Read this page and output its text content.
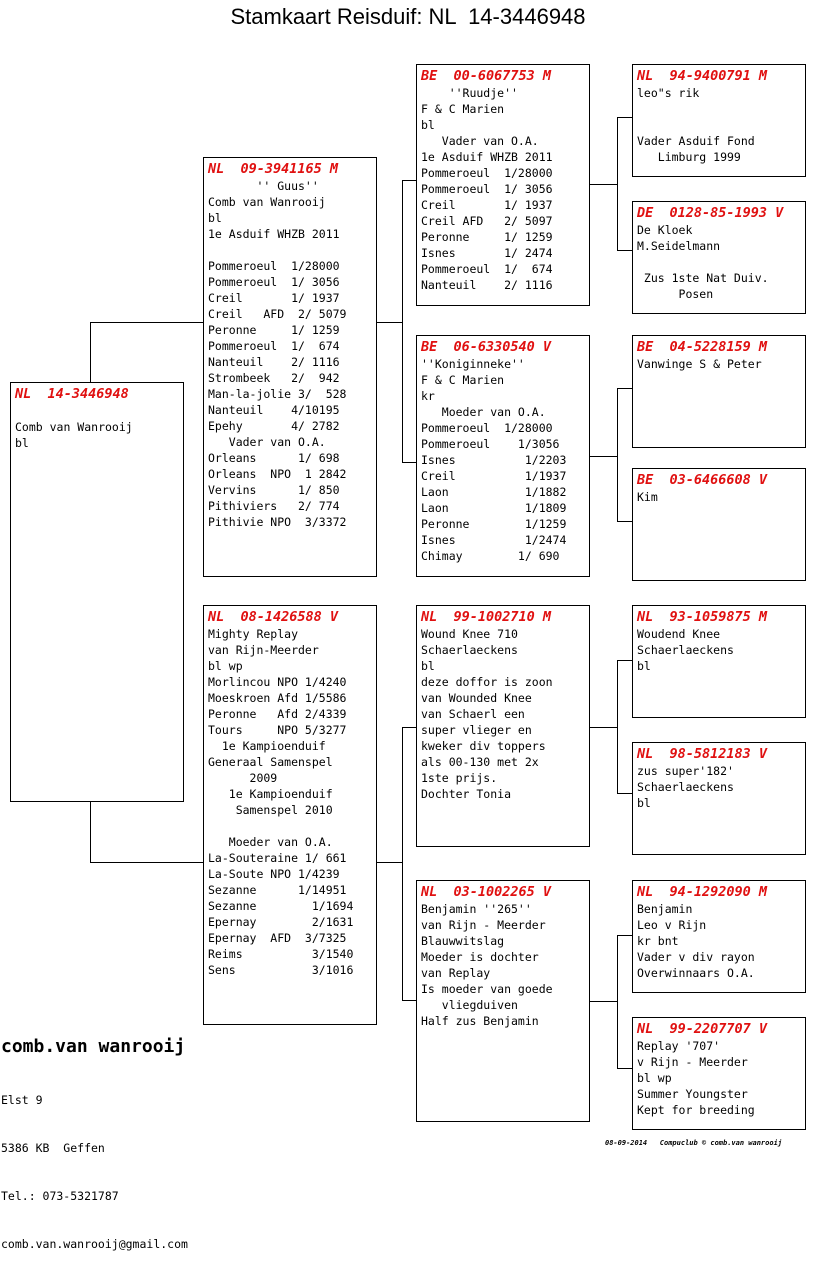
Stamkaart Reisduif: NL  14-3446948
NL  14-3446948
Comb van Wanrooij
bl
NL  09-3941165 M
'' Guus''
Comb van Wanrooij
bl
1e Asduif WHZB 2011
Pommeroeul  1/28000
Pommeroeul  1/ 3056
Creil       1/ 1937
Creil   AFD  2/ 5079
Peronne     1/ 1259
Pommeroeul  1/  674
Nanteuil    2/ 1116
Strombeek   2/  942
Man-la-jolie 3/  528
Nanteuil    4/10195
Epehy       4/ 2782
Vader van O.A.
Orleans      1/ 698
Orleans  NPO  1 2842
Vervins      1/ 850
Pithiviers   2/ 774
Pithivie NPO  3/3372
NL  08-1426588 V
Mighty Replay
van Rijn-Meerder
bl wp
Morlincou NPO 1/4240
Moeskroen Afd 1/5586
Peronne   Afd 2/4339
Tours     NPO 5/3277
1e Kampioenduif
Generaal Samenspel
2009
1e Kampioenduif
Samenspel 2010
Moeder van O.A.
La-Souteraine 1/ 661
La-Soute NPO 1/4239
Sezanne      1/14951
Sezanne        1/1694
Epernay        2/1631
Epernay  AFD  3/7325
Reims          3/1540
Sens           3/1016
BE  00-6067753 M
''Ruudje''
F & C Marien
bl
Vader van O.A.
1e Asduif WHZB 2011
Pommeroeul  1/28000
Pommeroeul  1/ 3056
Creil       1/ 1937
Creil AFD   2/ 5097
Peronne     1/ 1259
Isnes       1/ 2474
Pommeroeul  1/  674
Nanteuil    2/ 1116
BE  06-6330540 V
''Koniginneke''
F & C Marien
kr
Moeder van O.A.
Pommeroeul  1/28000
Pommeroeul    1/3056
Isnes          1/2203
Creil          1/1937
Laon           1/1882
Laon           1/1809
Peronne        1/1259
Isnes          1/2474
Chimay        1/ 690
NL  99-1002710 M
Wound Knee 710
Schaerlaeckens
bl
deze doffor is zoon
van Wounded Knee
van Schaerl een
super vlieger en
kweker div toppers
als 00-130 met 2x
1ste prijs.
Dochter Tonia
NL  03-1002265 V
Benjamin ''265''
van Rijn - Meerder
Blauwwitslag
Moeder is dochter
van Replay
Is moeder van goede
vliegduiven
Half zus Benjamin
NL  94-9400791 M
leo"s rik
Vader Asduif Fond
Limburg 1999
DE  0128-85-1993 V
De Kloek
M.Seidelmann
Zus 1ste Nat Duiv.
Posen
BE  04-5228159 M
Vanwinge S & Peter
BE  03-6466608 V
Kim
NL  93-1059875 M
Woudend Knee
Schaerlaeckens
bl
NL  98-5812183 V
zus super'182'
Schaerlaeckens
bl
NL  94-1292090 M
Benjamin
Leo v Rijn
kr bnt
Vader v div rayon
Overwinnaars O.A.
NL  99-2207707 V
Replay '707'
v Rijn - Meerder
bl wp
Summer Youngster
Kept for breeding
comb.van wanrooij

Elst 9

5386 KB  Geffen

Tel.: 073-5321787

comb.van.wanrooij@gmail.com

08-09-2014   Compuclub © comb.van wanrooij
